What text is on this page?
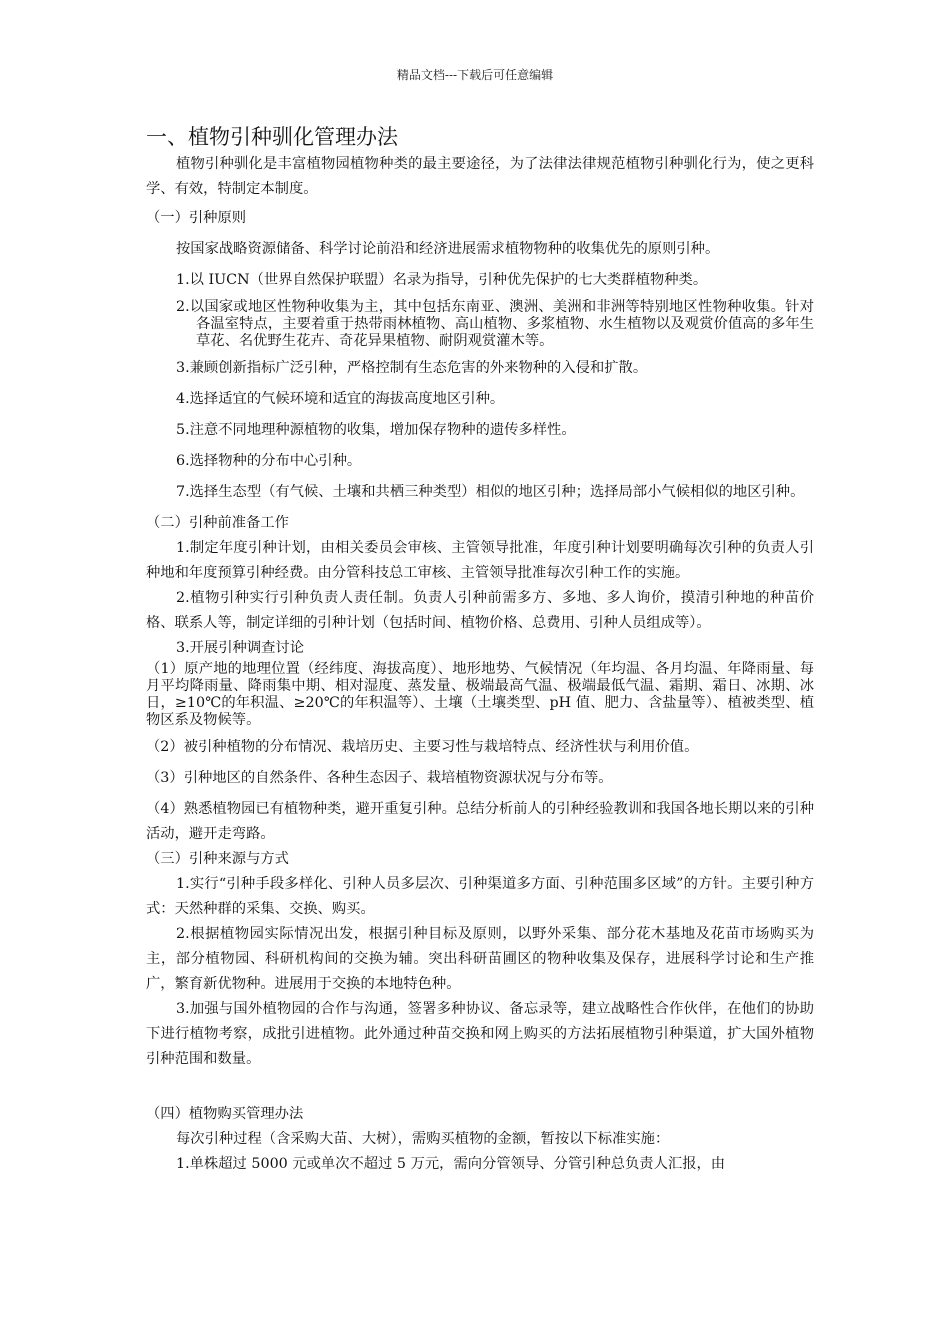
精品文档---下载后可任意编辑
一、植物引种驯化管理办法

植物引种驯化是丰富植物园植物种类的最主要途径，为了法律法律规范植物引种驯化行为，使之更科学、有效，特制定本制度。

（一）引种原则

按国家战略资源储备、科学讨论前沿和经济进展需求植物物种的收集优先的原则引种。

1.以 IUCN（世界自然保护联盟）名录为指导，引种优先保护的七大类群植物种类。

2.以国家或地区性物种收集为主，其中包括东南亚、澳洲、美洲和非洲等特别地区性物种收集。针对各温室特点，主要着重于热带雨林植物、高山植物、多浆植物、水生植物以及观赏价值高的多年生草花、名优野生花卉、奇花异果植物、耐阴观赏灌木等。

3.兼顾创新指标广泛引种，严格控制有生态危害的外来物种的入侵和扩散。

4.选择适宜的气候环境和适宜的海拔高度地区引种。

5.注意不同地理种源植物的收集，增加保存物种的遗传多样性。

6.选择物种的分布中心引种。

7.选择生态型（有气候、土壤和共栖三种类型）相似的地区引种；选择局部小气候相似的地区引种。

（二）引种前准备工作

1.制定年度引种计划，由相关委员会审核、主管领导批准，年度引种计划要明确每次引种的负责人引种地和年度预算引种经费。由分管科技总工审核、主管领导批准每次引种工作的实施。

2.植物引种实行引种负责人责任制。负责人引种前需多方、多地、多人询价，摸清引种地的种苗价格、联系人等，制定详细的引种计划（包括时间、植物价格、总费用、引种人员组成等）。

3.开展引种调查讨论

（1）原产地的地理位置（经纬度、海拔高度）、地形地势、气候情况（年均温、各月均温、年降雨量、每月平均降雨量、降雨集中期、相对湿度、蒸发量、极端最高气温、极端最低气温、霜期、霜日、冰期、冰日，≥10℃的年积温、≥20℃的年积温等）、土壤（土壤类型、pH 值、肥力、含盐量等）、植被类型、植物区系及物候等。

（2）被引种植物的分布情况、栽培历史、主要习性与栽培特点、经济性状与利用价值。

（3）引种地区的自然条件、各种生态因子、栽培植物资源状况与分布等。

（4）熟悉植物园已有植物种类，避开重复引种。总结分析前人的引种经验教训和我国各地长期以来的引种活动，避开走弯路。

（三）引种来源与方式

1.实行“引种手段多样化、引种人员多层次、引种渠道多方面、引种范围多区域”的方针。主要引种方式：天然种群的采集、交换、购买。

2.根据植物园实际情况出发，根据引种目标及原则，以野外采集、部分花木基地及花苗市场购买为主，部分植物园、科研机构间的交换为辅。突出科研苗圃区的物种收集及保存，进展科学讨论和生产推广，繁育新优物种。进展用于交换的本地特色种。

3.加强与国外植物园的合作与沟通，签署多种协议、备忘录等，建立战略性合作伙伴，在他们的协助下进行植物考察，成批引进植物。此外通过种苗交换和网上购买的方法拓展植物引种渠道，扩大国外植物引种范围和数量。

（四）植物购买管理办法

每次引种过程（含采购大苗、大树），需购买植物的金额，暂按以下标准实施：

1.单株超过 5000 元或单次不超过 5 万元，需向分管领导、分管引种总负责人汇报，由
